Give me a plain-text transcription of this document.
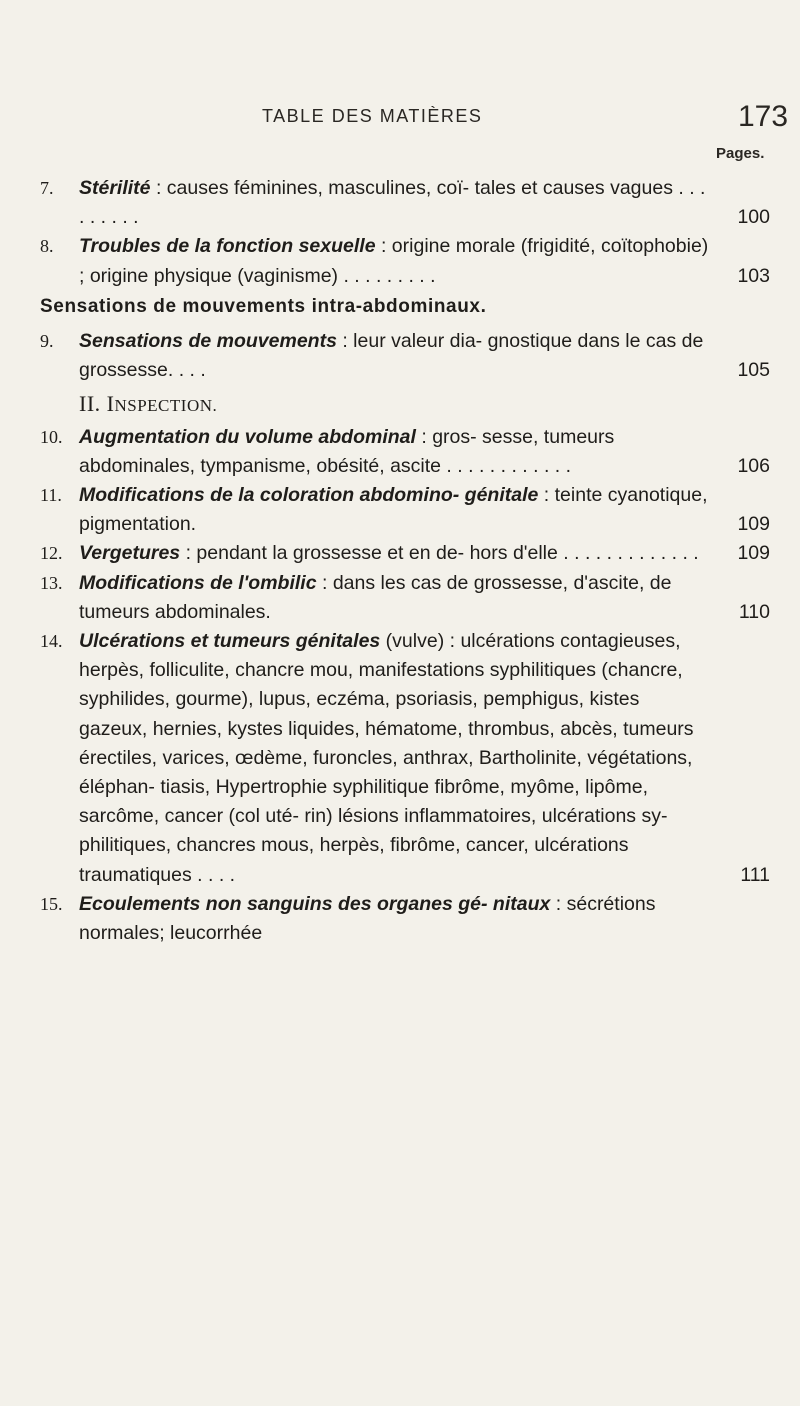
TABLE DES MATIÈRES	173
Pages.
7.	Stérilité : causes féminines, masculines, coï- tales et causes vagues . . . . . . . . .	100
8.	Troubles de la fonction sexuelle : origine morale (frigidité, coïtophobie) ; origine physique (vaginisme) . . . . . . . . .	103
Sensations de mouvements intra-abdominaux.
9.	Sensations de mouvements : leur valeur dia- gnostique dans le cas de grossesse. . . .	105
II. INSPECTION.
10. Augmentation du volume abdominal : gros- sesse, tumeurs abdominales, tympanisme, obésité, ascite . . . . . . . . . . . .	106
11. Modifications de la coloration abdomino- génitale : teinte cyanotique, pigmentation.	109
12. Vergetures : pendant la grossesse et en de- hors d'elle . . . . . . . . . . . . .	109
13. Modifications de l'ombilic : dans les cas de grossesse, d'ascite, de tumeurs abdominales.	110
14. Ulcérations et tumeurs génitales (vulve) : ulcérations contagieuses, herpès, folliculite, chancre mou, manifestations syphilitiques (chancre, syphilides, gourme), lupus, eczéma, psoriasis, pemphigus, kistes gazeux, hernies, kystes liquides, hématome, thrombus, abcès, tumeurs érectiles, varices, œdème, furoncles, anthrax, Bartholinite, végétations, éléphan- tiasis, Hypertrophie syphilitique fibrôme, myôme, lipôme, sarcôme, cancer (col uté- rin) lésions inflammatoires, ulcérations sy- philitiques, chancres mous, herpès, fibrôme, cancer, ulcérations traumatiques . . . .	111
15. Ecoulements non sanguins des organes gé- nitaux : sécrétions normales; leucorrhée
